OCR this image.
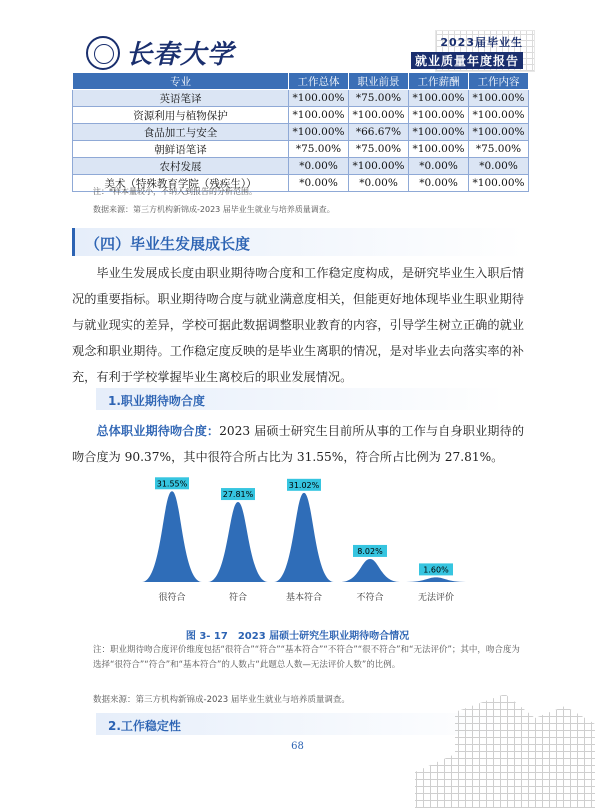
长春大学	2023届毕业生
就业质量年度报告
专业	工作总体	职业前景	工作薪酬	工作内容
英语笔译	*100.00%	*75.00%	*100.00%	*100.00%
资源利用与植物保护	*100.00%	*100.00%	*100.00%	*100.00%
食品加工与安全	*100.00%	*66.67%	*100.00%	*100.00%
朝鲜语笔译	*75.00%	*75.00%	*100.00%	*75.00%
农村发展	*0.00%	*100.00%	*0.00%	*0.00%
美术（特殊教育学院（残疾生））	*0.00%	*0.00%	*0.00%	*100.00%
注：*样本量较小，不纳入到报告的分析范围。
数据来源：第三方机构新锦成-2023 届毕业生就业与培养质量调查。
（四）毕业生发展成长度

毕业生发展成长度由职业期待吻合度和工作稳定度构成，是研究毕业生入职后情况的重要指标。职业期待吻合度与就业满意度相关，但能更好地体现毕业生职业期待与就业现实的差异，学校可据此数据调整职业教育的内容，引导学生树立正确的就业观念和职业期待。工作稳定度反映的是毕业生离职的情况，是对毕业去向落实率的补充，有利于学校掌握毕业生离校后的职业发展情况。

1.职业期待吻合度

总体职业期待吻合度：2023 届硕士研究生目前所从事的工作与自身职业期待的吻合度为 90.37%，其中很符合所占比为 31.55%，符合所占比例为 27.81%。

31.55%
很符合
27.81%
符合
31.02%
基本符合
8.02%
不符合
1.60%
无法评价
图 3- 17　2023 届硕士研究生职业期待吻合情况
注：职业期待吻合度评价维度包括“很符合”“符合”“基本符合”“不符合”“很不符合”和“无法评价”；其中，吻合度为选择“很符合”“符合”和“基本符合”的人数占“此题总人数—无法评价人数”的比例。
数据来源：第三方机构新锦成-2023 届毕业生就业与培养质量调查。
2.工作稳定性
68
